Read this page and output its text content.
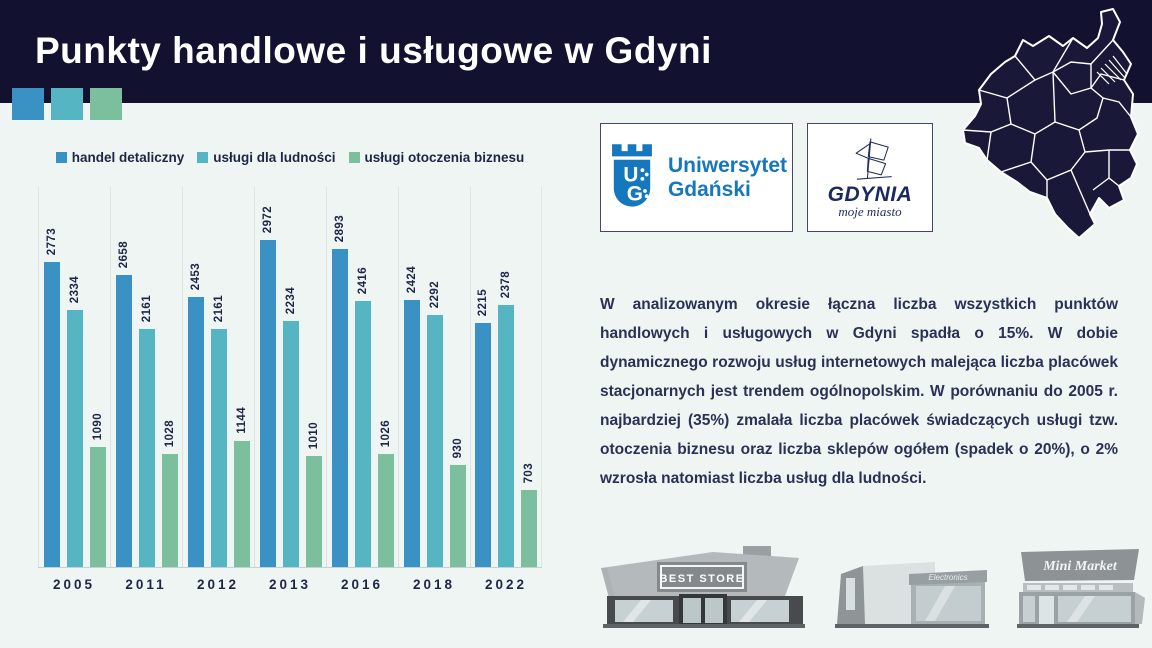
Punkty handlowe i usługowe w Gdyni
handel detaliczny usługi dla ludności usługi otoczenia biznesu
2773
2334
1090
2658
2161
1028
2453
2161
1144
2972
2234
1010
2893
2416
1026
2424
2292
930
2215
2378
703
2005	2011	2012	2013	2016	2018	2022
U
G
Uniwersytet
Gdański	GDYNIA
moje miasto
W analizowanym okresie łączna liczba wszystkich punktów handlowych i usługowych w Gdyni spadła o 15%. W dobie dynamicznego rozwoju usług internetowych malejąca liczba placówek stacjonarnych jest trendem ogólnopolskim. W porównaniu do 2005 r. najbardziej (35%) zmalała liczba placówek świadczących usługi tzw. otoczenia biznesu oraz liczba sklepów ogółem (spadek o 20%), o 2% wzrosła natomiast liczba usług dla ludności.
BEST STORE	Electronics
Mini Market
